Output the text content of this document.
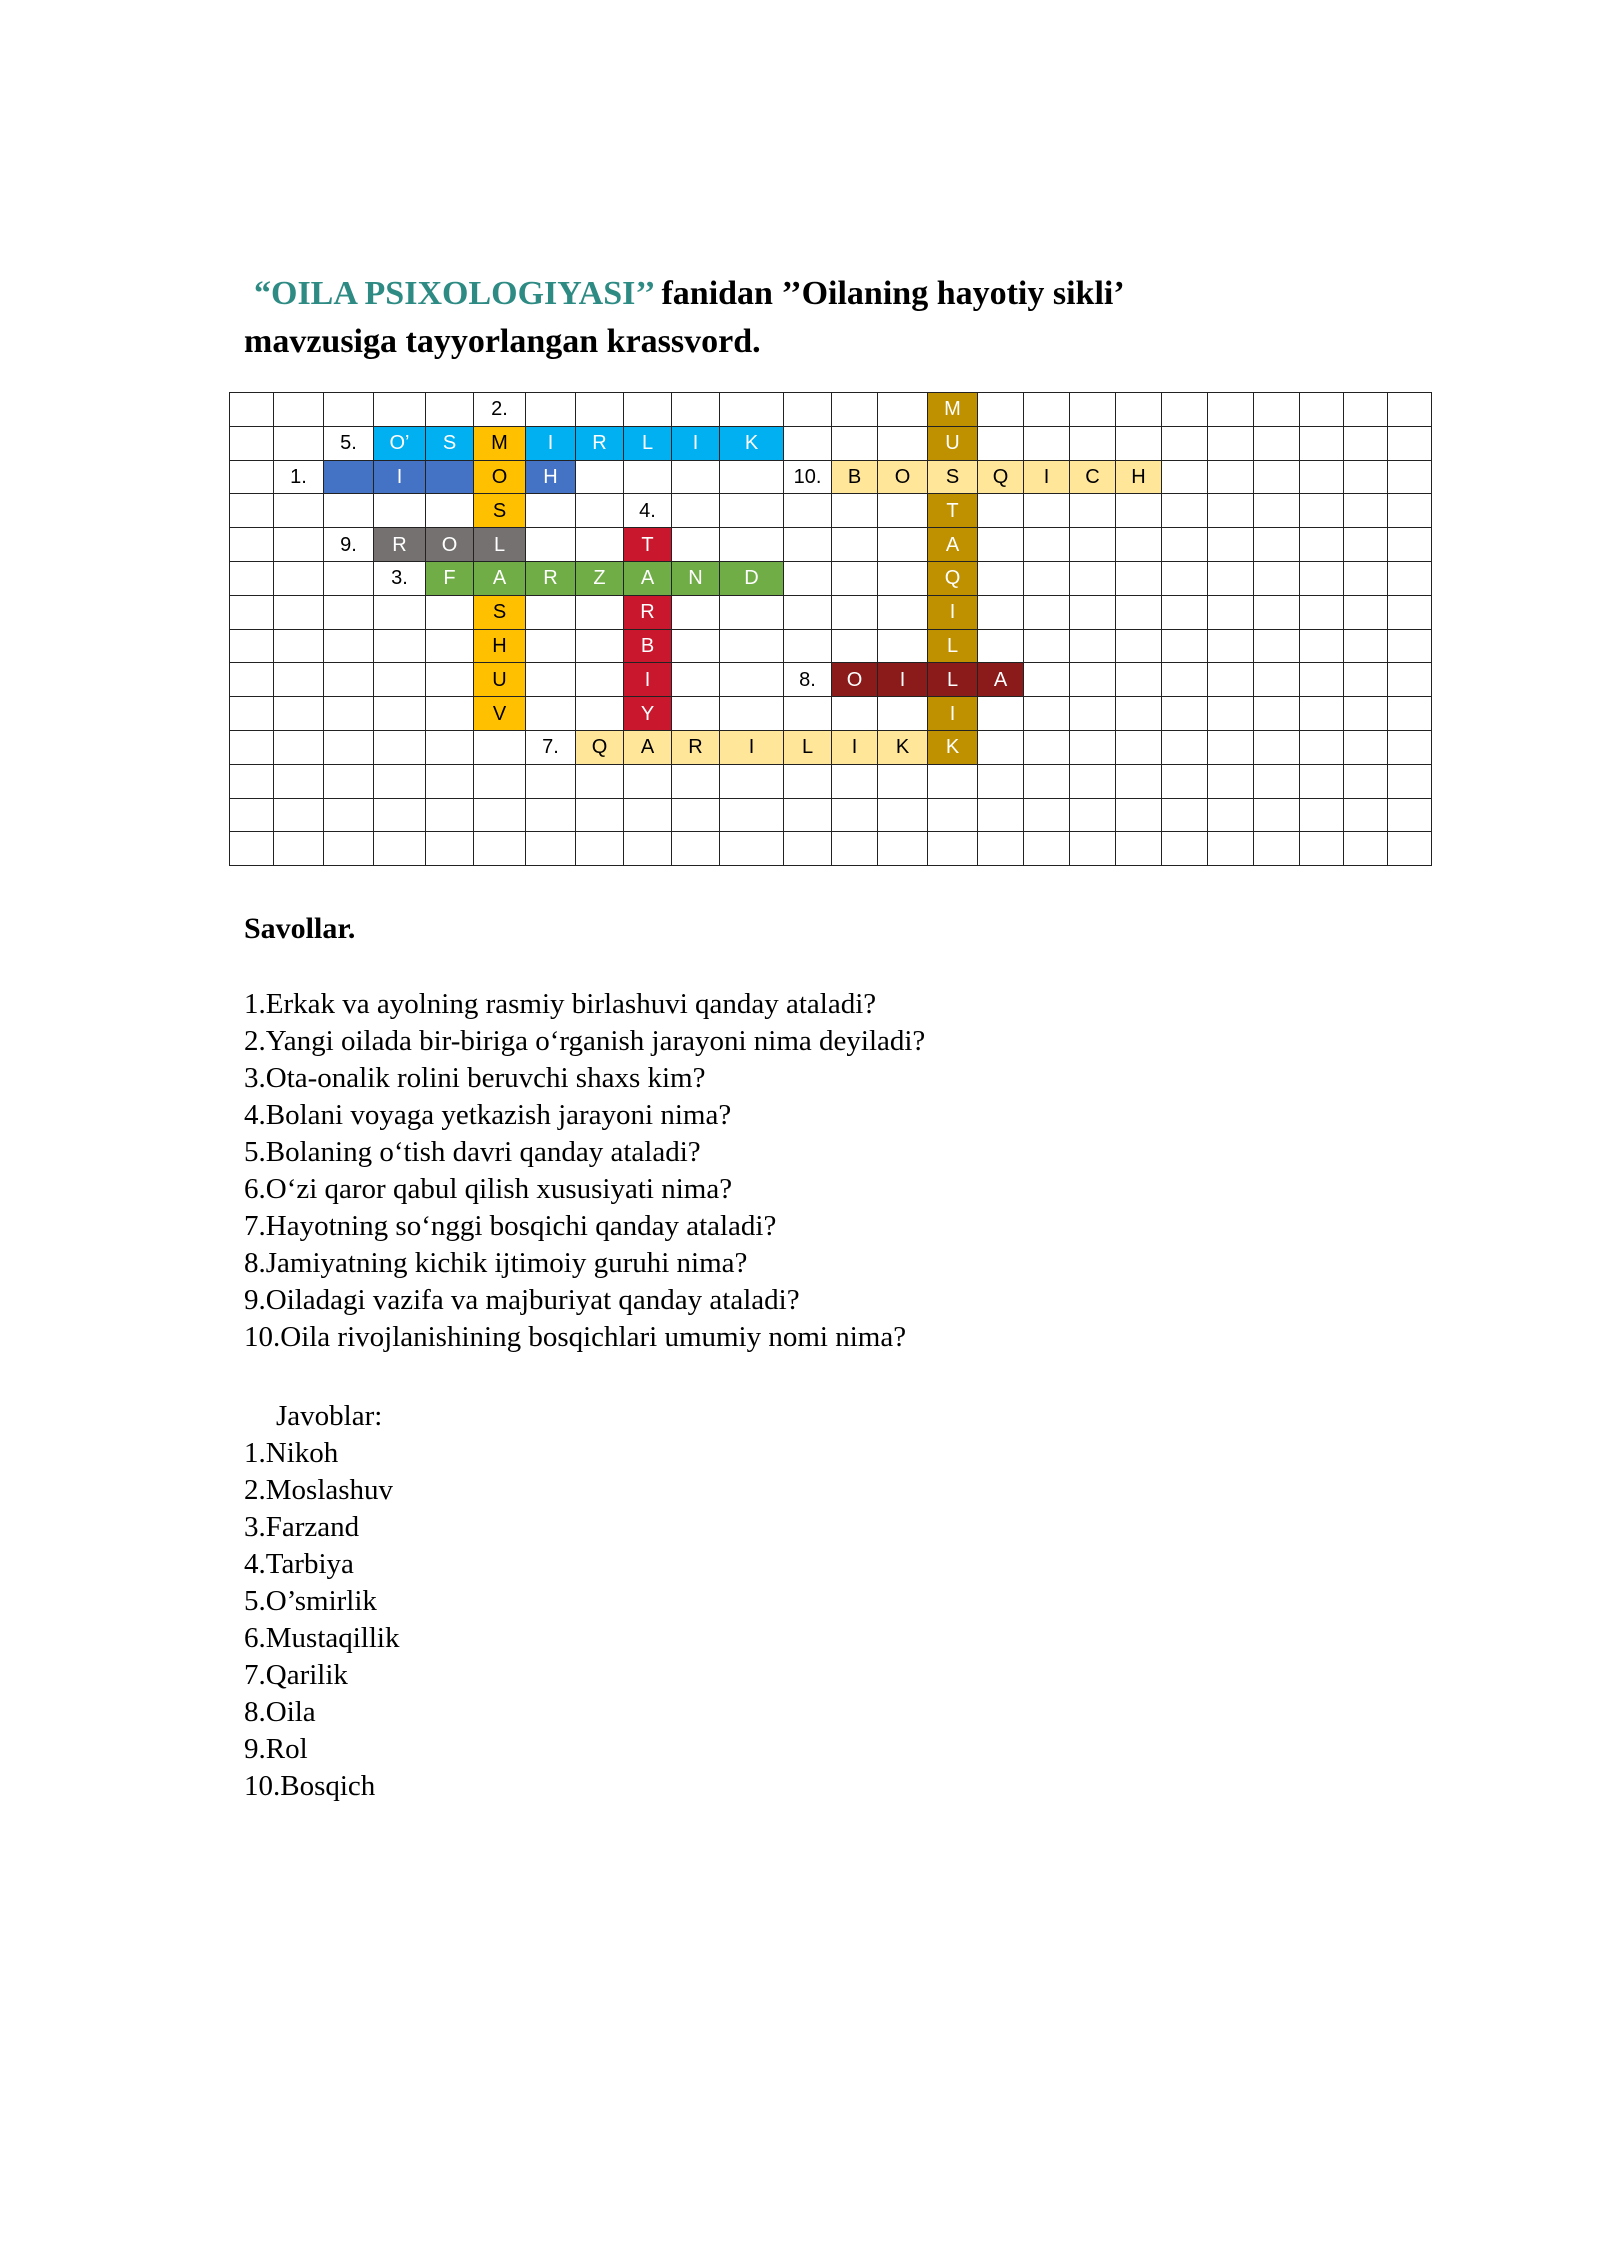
“OILA PSIXOLOGIYASI’’ fanidan ’’Oilaning hayotiy sikli’
mavzusiga tayyorlangan krassvord.
					2.									M										
		5.	O’	S	M	I	R	L	I	K				U										
	1.		I		O	H					10.	B	O	S	Q	I	C	H						
					S			4.						T										
		9.	R	O	L			T						A										
			3.	F	A	R	Z	A	N	D				Q										
					S			R						I										
					H			B						L										
					U			I			8.	O	I	L	A									
					V			Y						I										
						7.	Q	A	R	I	L	I	K	K										

Savollar.
1.Erkak va ayolning rasmiy birlashuvi qanday ataladi?
2.Yangi oilada bir-biriga o‘rganish jarayoni nima deyiladi?
3.Ota-onalik rolini beruvchi shaxs kim?
4.Bolani voyaga yetkazish jarayoni nima?
5.Bolaning o‘tish davri qanday ataladi?
6.O‘zi qaror qabul qilish xususiyati nima?
7.Hayotning so‘nggi bosqichi qanday ataladi?
8.Jamiyatning kichik ijtimoiy guruhi nima?
9.Oiladagi vazifa va majburiyat qanday ataladi?
10.Oila rivojlanishining bosqichlari umumiy nomi nima?
Javoblar:
1.Nikoh
2.Moslashuv
3.Farzand
4.Tarbiya
5.O’smirlik
6.Mustaqillik
7.Qarilik
8.Oila
9.Rol
10.Bosqich
